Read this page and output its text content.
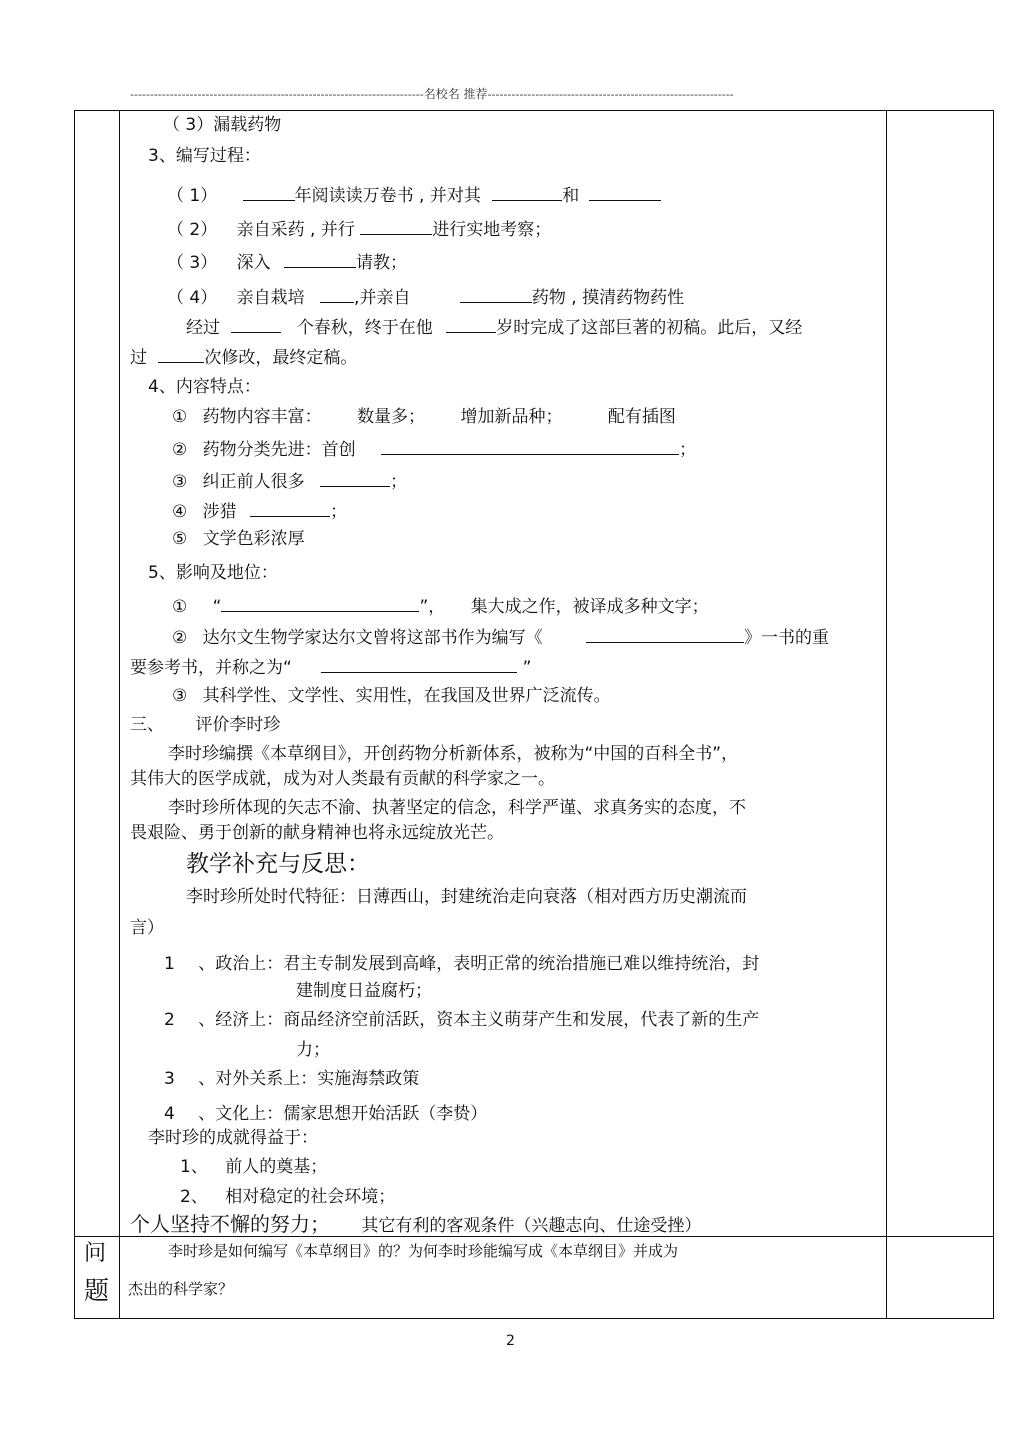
--------------------------------------------------------------------------名校名 推荐--------------------------------------------------------------
（ 3）漏载药物
3、编写过程：
（ 1）	年阅读读万卷书 , 并对其	和
（ 2） 亲自采药 , 并行	进行实地考察；
（ 3） 深入	请教；
（ 4） 亲自栽培	,并亲自	药物 , 摸清药物药性
经过	个春秋，终于在他	岁时完成了这部巨著的初稿。此后，又经
过	次修改，最终定稿。
4、内容特点：
① 药物内容丰富： 数量多； 增加新品种；	配有插图
② 药物分类先进：首创	；
③ 纠正前人很多	；
④ 涉猎	；
⑤ 文学色彩浓厚
5、影响及地位：
① “	”， 集大成之作，被译成多种文字；
② 达尔文生物学家达尔文曾将这部书作为编写《	》一书的重
要参考书，并称之为“	”
③ 其科学性、文学性、实用性，在我国及世界广泛流传。
三、 评价李时珍
李时珍编撰《本草纲目》，开创药物分析新体系，被称为“中国的百科全书”，
其伟大的医学成就，成为对人类最有贡献的科学家之一。
李时珍所体现的矢志不渝、执著坚定的信念，科学严谨、求真务实的态度，不
畏艰险、勇于创新的献身精神也将永远绽放光芒。
教学补充与反思：
李时珍所处时代特征：日薄西山，封建统治走向衰落（相对西方历史潮流而
言）
1 、政治上：君主专制发展到高峰，表明正常的统治措施已难以维持统治，封
建制度日益腐朽；
2 、经济上：商品经济空前活跃，资本主义萌芽产生和发展，代表了新的生产
力；
3 、对外关系上：实施海禁政策
4 、文化上：儒家思想开始活跃（李贽）
李时珍的成就得益于：
1、 前人的奠基；
2、 相对稳定的社会环境；
个人坚持不懈的努力； 其它有利的客观条件（兴趣志向、仕途受挫）
问
题
李时珍是如何编写《本草纲目》的？为何李时珍能编写成《本草纲目》并成为
杰出的科学家？
2
